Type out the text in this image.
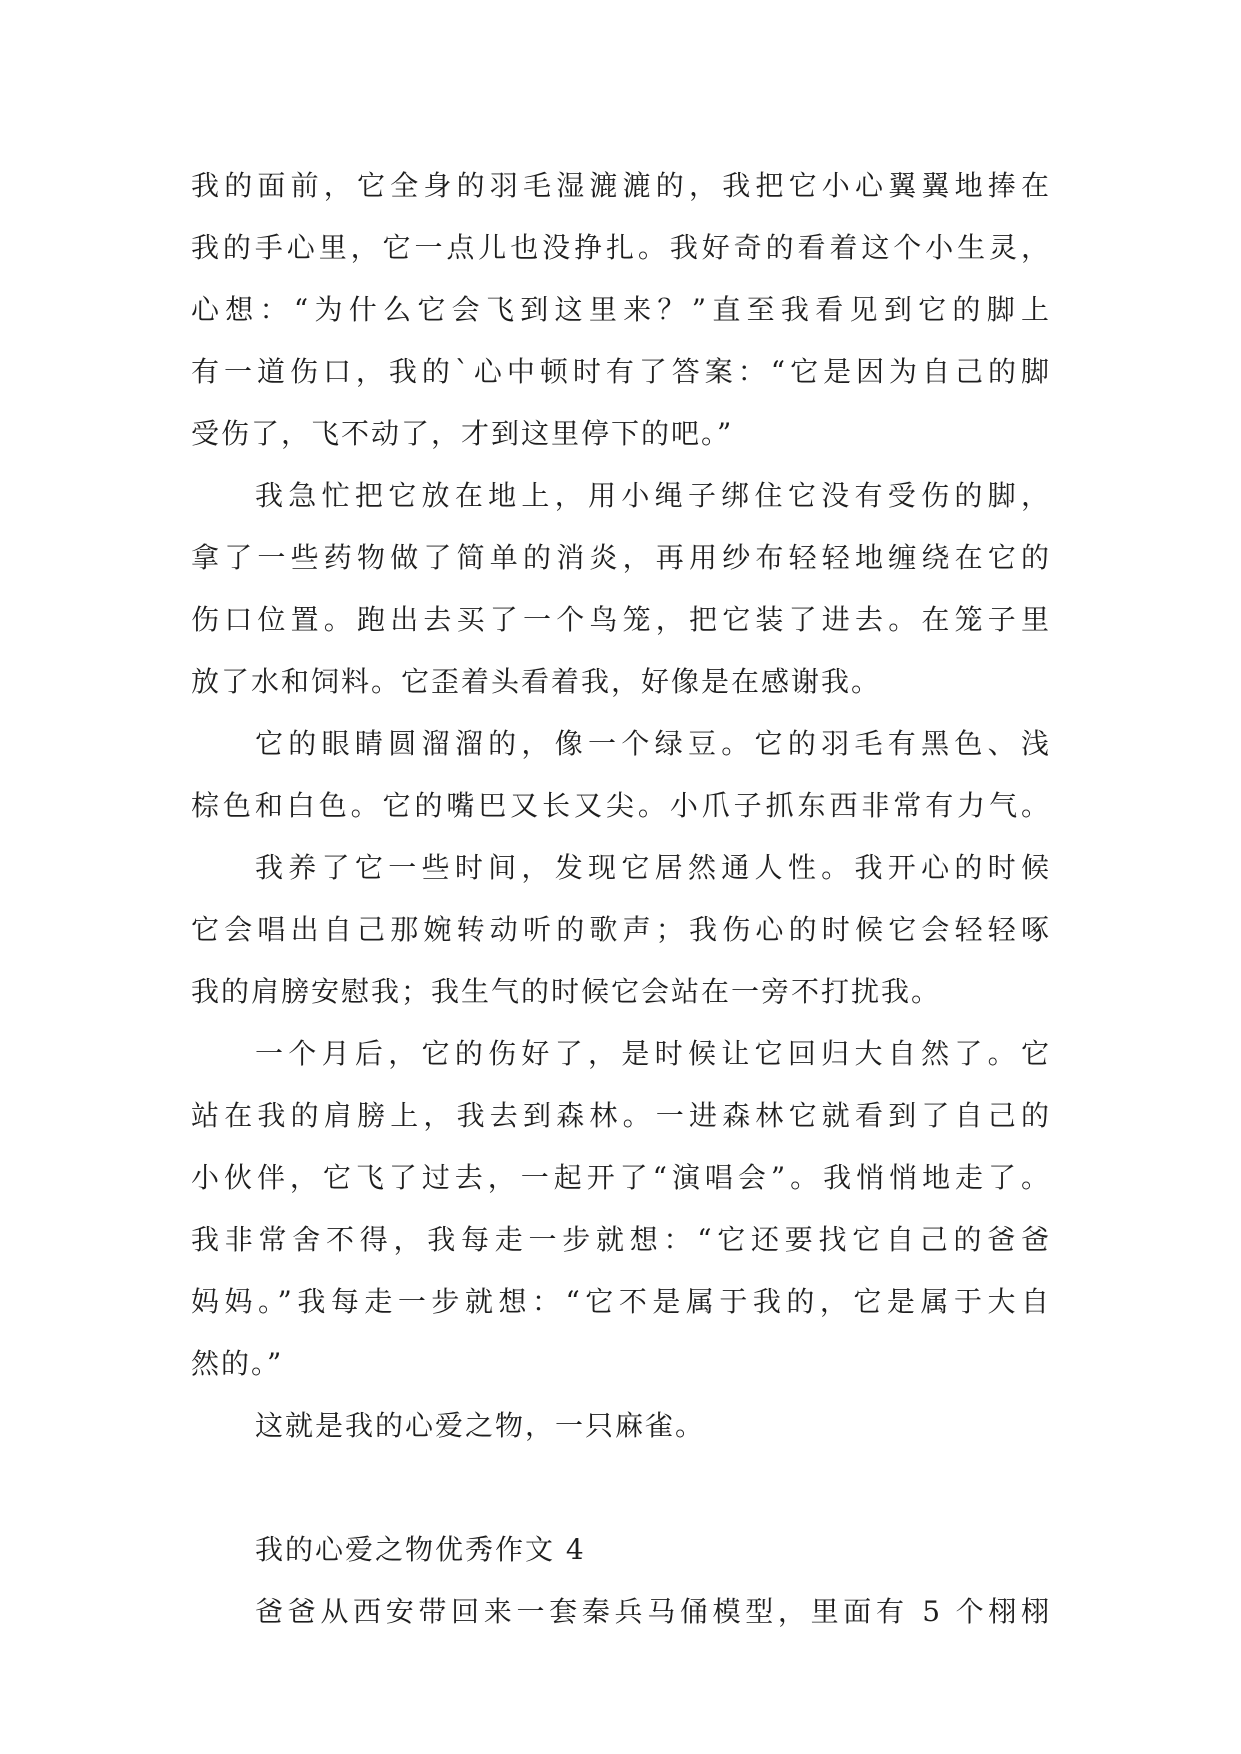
我的面前，它全身的羽毛湿漉漉的，我把它小心翼翼地捧在
我的手心里，它一点儿也没挣扎。我好奇的看着这个小生灵，
心想：“为什么它会飞到这里来？”直至我看见到它的脚上
有一道伤口，我的`心中顿时有了答案：“它是因为自己的脚
受伤了，飞不动了，才到这里停下的吧。”
我急忙把它放在地上，用小绳子绑住它没有受伤的脚，
拿了一些药物做了简单的消炎，再用纱布轻轻地缠绕在它的
伤口位置。跑出去买了一个鸟笼，把它装了进去。在笼子里
放了水和饲料。它歪着头看着我，好像是在感谢我。
它的眼睛圆溜溜的，像一个绿豆。它的羽毛有黑色、浅
棕色和白色。它的嘴巴又长又尖。小爪子抓东西非常有力气。
我养了它一些时间，发现它居然通人性。我开心的时候
它会唱出自己那婉转动听的歌声；我伤心的时候它会轻轻啄
我的肩膀安慰我；我生气的时候它会站在一旁不打扰我。
一个月后，它的伤好了，是时候让它回归大自然了。它
站在我的肩膀上，我去到森林。一进森林它就看到了自己的
小伙伴，它飞了过去，一起开了“演唱会”。我悄悄地走了。
我非常舍不得，我每走一步就想：“它还要找它自己的爸爸
妈妈。”我每走一步就想：“它不是属于我的，它是属于大自
然的。”
这就是我的心爱之物，一只麻雀。
我的心爱之物优秀作文 4
爸爸从西安带回来一套秦兵马俑模型，里面有 5 个栩栩
